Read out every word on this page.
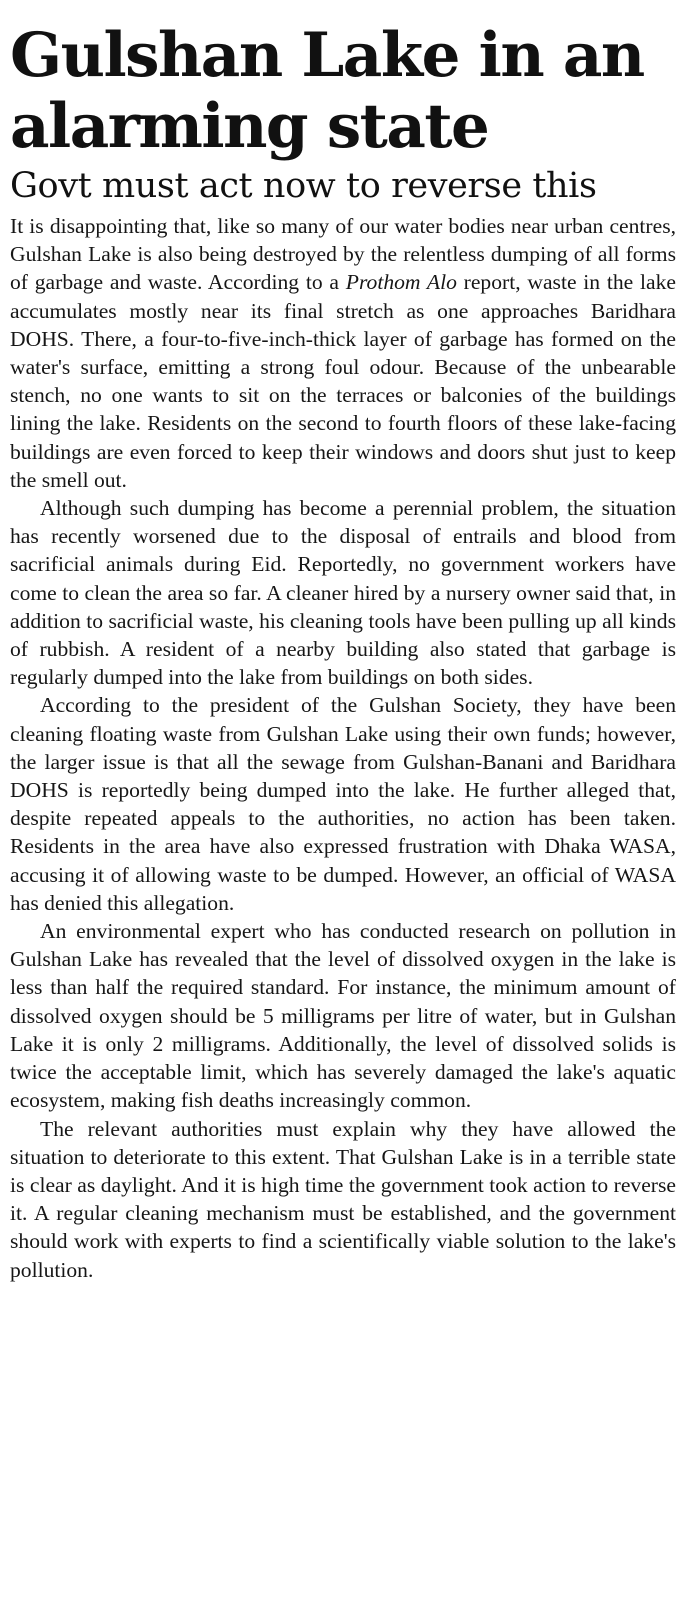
Gulshan Lake in an alarming state
Govt must act now to reverse this

It is disappointing that, like so many of our water bodies near urban centres, Gulshan Lake is also being destroyed by the relentless dumping of all forms of garbage and waste. According to a Prothom Alo report, waste in the lake accumulates mostly near its final stretch as one approaches Baridhara DOHS. There, a four-to-five-inch-thick layer of garbage has formed on the water's surface, emitting a strong foul odour. Because of the unbearable stench, no one wants to sit on the terraces or balconies of the buildings lining the lake. Residents on the second to fourth floors of these lake-facing buildings are even forced to keep their windows and doors shut just to keep the smell out.

Although such dumping has become a perennial problem, the situation has recently worsened due to the disposal of entrails and blood from sacrificial animals during Eid. Reportedly, no government workers have come to clean the area so far. A cleaner hired by a nursery owner said that, in addition to sacrificial waste, his cleaning tools have been pulling up all kinds of rubbish. A resident of a nearby building also stated that garbage is regularly dumped into the lake from buildings on both sides.

According to the president of the Gulshan Society, they have been cleaning floating waste from Gulshan Lake using their own funds; however, the larger issue is that all the sewage from Gulshan-Banani and Baridhara DOHS is reportedly being dumped into the lake. He further alleged that, despite repeated appeals to the authorities, no action has been taken. Residents in the area have also expressed frustration with Dhaka WASA, accusing it of allowing waste to be dumped. However, an official of WASA has denied this allegation.

An environmental expert who has conducted research on pollution in Gulshan Lake has revealed that the level of dissolved oxygen in the lake is less than half the required standard. For instance, the minimum amount of dissolved oxygen should be 5 milligrams per litre of water, but in Gulshan Lake it is only 2 milligrams. Additionally, the level of dissolved solids is twice the acceptable limit, which has severely damaged the lake's aquatic ecosystem, making fish deaths increasingly common.

The relevant authorities must explain why they have allowed the situation to deteriorate to this extent. That Gulshan Lake is in a terrible state is clear as daylight. And it is high time the government took action to reverse it. A regular cleaning mechanism must be established, and the government should work with experts to find a scientifically viable solution to the lake's pollution.
